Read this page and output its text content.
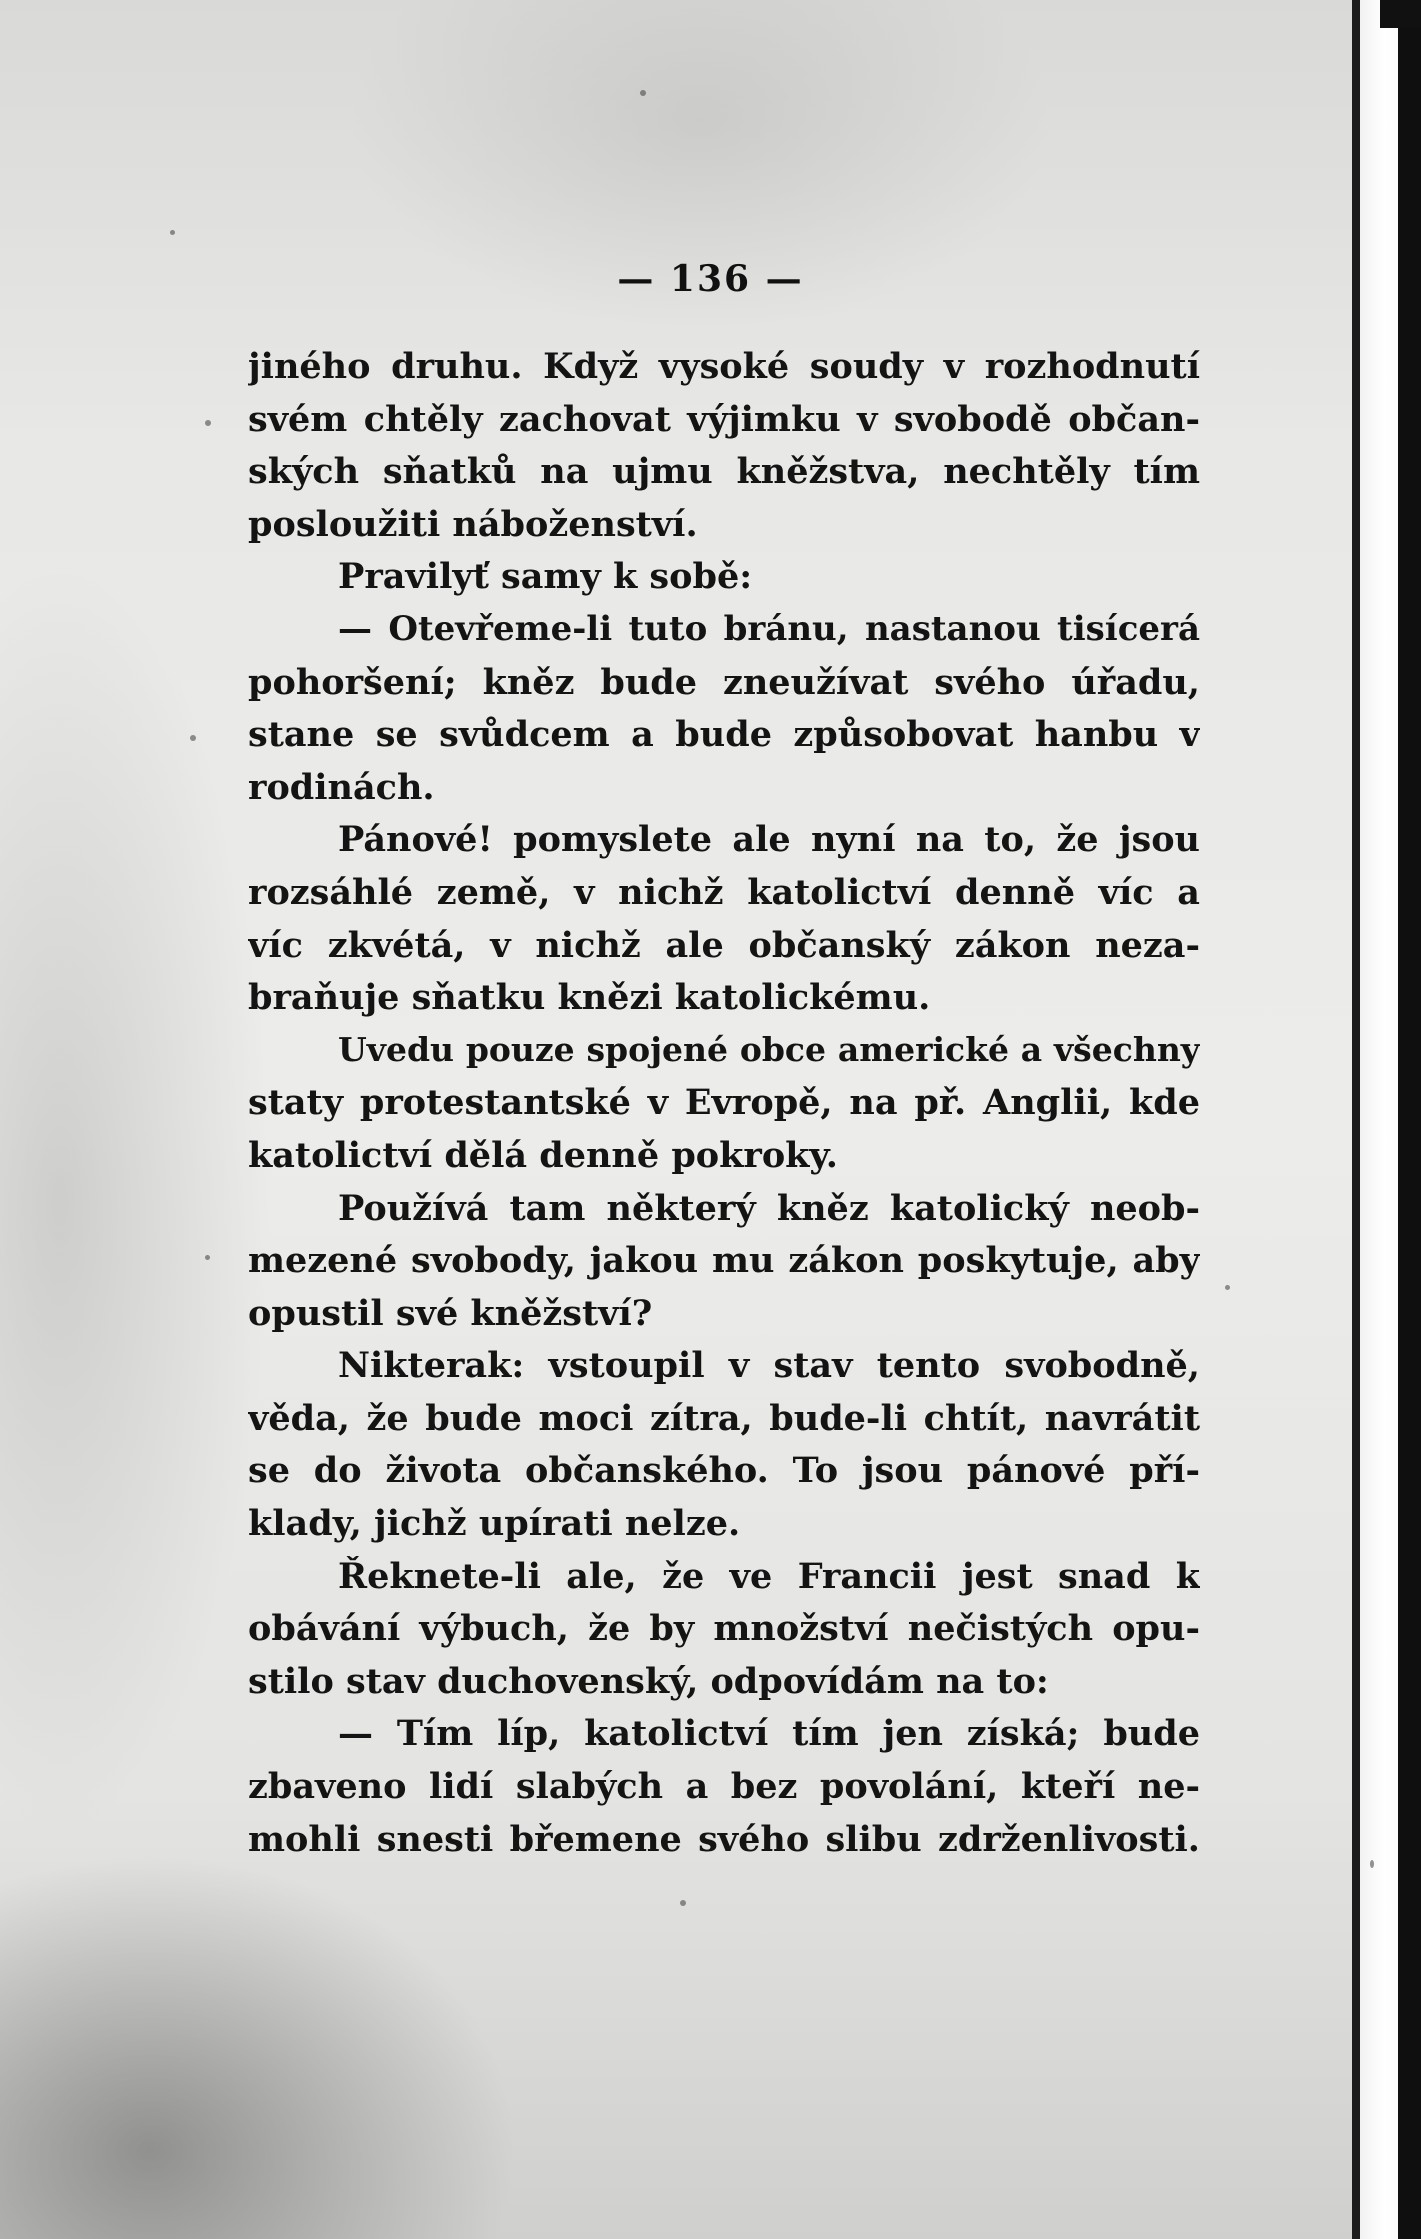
— 136 —
jiného druhu. Když vysoké soudy v rozhodnutí
svém chtěly zachovat výjimku v svobodě občan-
ských sňatků na ujmu kněžstva, nechtěly tím
posloužiti náboženství.
Pravilyť samy k sobě:
— Otevřeme-li tuto bránu, nastanou tisícerá
pohoršení; kněz bude zneužívat svého úřadu,
stane se svůdcem a bude způsobovat hanbu v
rodinách.
Pánové! pomyslete ale nyní na to, že jsou
rozsáhlé země, v nichž katolictví denně víc a
víc zkvétá, v nichž ale občanský zákon neza-
braňuje sňatku knězi katolickému.
Uvedu pouze spojené obce americké a všechny
staty protestantské v Evropě, na př. Anglii, kde
katolictví dělá denně pokroky.
Používá tam některý kněz katolický neob-
mezené svobody, jakou mu zákon poskytuje, aby
opustil své kněžství?
Nikterak: vstoupil v stav tento svobodně,
věda, že bude moci zítra, bude-li chtít, navrátit
se do života občanského. To jsou pánové pří-
klady, jichž upírati nelze.
Řeknete-li ale, že ve Francii jest snad k
obávání výbuch, že by množství nečistých opu-
stilo stav duchovenský, odpovídám na to:
— Tím líp, katolictví tím jen získá; bude
zbaveno lidí slabých a bez povolání, kteří ne-
mohli snesti břemene svého slibu zdrženlivosti.
